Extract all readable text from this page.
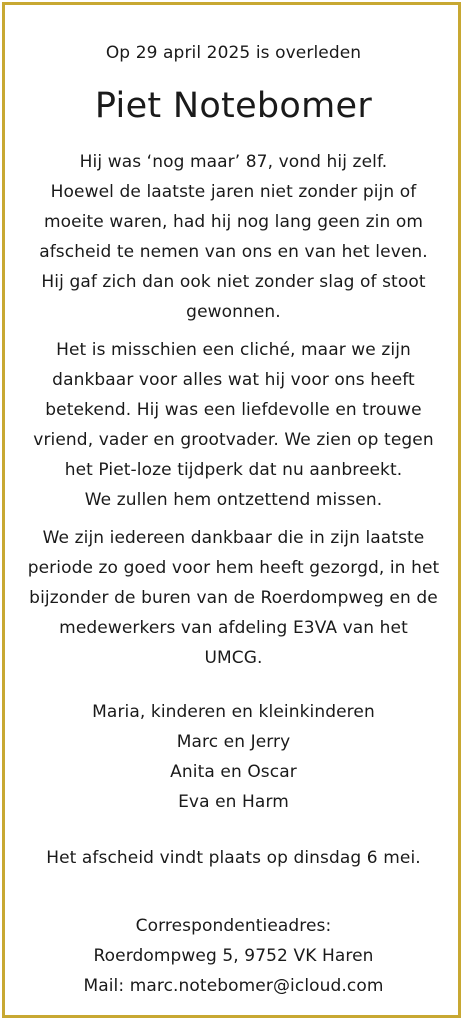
Op 29 april 2025 is overleden
Piet Notebomer
Hij was ‘nog maar’ 87, vond hij zelf.
Hoewel de laatste jaren niet zonder pijn of
moeite waren, had hij nog lang geen zin om
afscheid te nemen van ons en van het leven.
Hij gaf zich dan ook niet zonder slag of stoot
gewonnen.
Het is misschien een cliché, maar we zijn
dankbaar voor alles wat hij voor ons heeft
betekend. Hij was een liefdevolle en trouwe
vriend, vader en grootvader. We zien op tegen
het Piet-loze tijdperk dat nu aanbreekt.
We zullen hem ontzettend missen.
We zijn iedereen dankbaar die in zijn laatste
periode zo goed voor hem heeft gezorgd, in het
bijzonder de buren van de Roerdompweg en de
medewerkers van afdeling E3VA van het
UMCG.
Maria, kinderen en kleinkinderen
Marc en Jerry
Anita en Oscar
Eva en Harm
Het afscheid vindt plaats op dinsdag 6 mei.
Correspondentieadres:
Roerdompweg 5, 9752 VK Haren
Mail: marc.notebomer@icloud.com
